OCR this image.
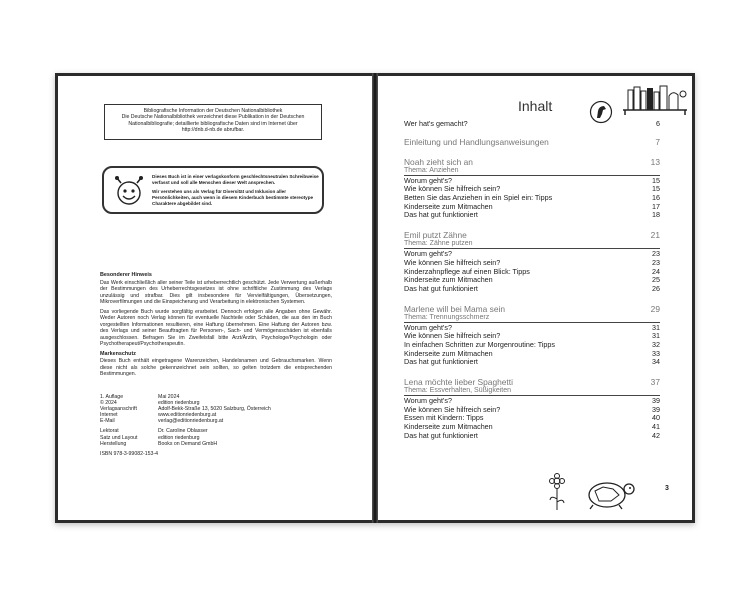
Bibliografische Information der Deutschen Nationalbibliothek
Die Deutsche Nationalbibliothek verzeichnet diese Publikation in der Deutschen
Nationalbibliografie; detaillierte bibliografische Daten sind im Internet über
http://dnb.d-nb.de abrufbar.

Dieses Buch ist in einer verlagskonform geschlechtsneutralen Schreibweise verfasst und soll alle Menschen dieser Welt ansprechen.

Wir verstehen uns als Verlag für Diversität und Inklusion aller Persönlichkeiten, auch wenn in diesem Kinderbuch bestimmte stereotype Charaktere abgebildet sind.

Besonderer Hinweis

Das Werk einschließlich aller seiner Teile ist urheberrechtlich geschützt. Jede Verwertung außerhalb der Bestimmungen des Urheberrechtsgesetzes ist ohne schriftliche Zustimmung des Verlags unzulässig und strafbar. Dies gilt insbesondere für Vervielfältigungen, Übersetzungen, Mikroverfilmungen und die Einspeicherung und Verarbeitung in elektronischen Systemen.

Das vorliegende Buch wurde sorgfältig erarbeitet. Dennoch erfolgen alle Angaben ohne Gewähr. Weder Autoren noch Verlag können für eventuelle Nachteile oder Schäden, die aus den im Buch vorgestellten Informationen resultieren, eine Haftung übernehmen. Eine Haftung der Autoren bzw. des Verlags und seiner Beauftragten für Personen-, Sach- und Vermögensschäden ist ebenfalls ausgeschlossen. Befragen Sie im Zweifelsfall bitte Arzt/Ärztin, Psychologe/Psychologin oder Psychotherapeut/Psychotherapeutin.

Markenschutz

Dieses Buch enthält eingetragene Warenzeichen, Handelsnamen und Gebrauchsmarken. Wenn diese nicht als solche gekennzeichnet sein sollten, so gelten trotzdem die entsprechenden Bestimmungen.

1. Auflage	Mai 2024
© 2024	edition riedenburg
Verlagsanschrift	Adolf-Bekk-Straße 13, 5020 Salzburg, Österreich
Internet	www.editionriedenburg.at
E-Mail	verlag@editionriedenburg.at
Lektorat	Dr. Caroline Oblasser
Satz und Layout	edition riedenburg
Herstellung	Books on Demand GmbH
ISBN 978-3-99082-153-4
Inhalt
Wer hat's gemacht?	6
Einleitung und Handlungsanweisungen	7
Noah zieht sich an	13
Thema: Anziehen
Worum geht's?	15
Wie können Sie hilfreich sein?	15
Betten Sie das Anziehen in ein Spiel ein: Tipps	16
Kinderseite zum Mitmachen	17
Das hat gut funktioniert	18
Emil putzt Zähne	21
Thema: Zähne putzen
Worum geht's?	23
Wie können Sie hilfreich sein?	23
Kinderzahnpflege auf einen Blick: Tipps	24
Kinderseite zum Mitmachen	25
Das hat gut funktioniert	26
Marlene will bei Mama sein	29
Thema: Trennungsschmerz
Worum geht's?	31
Wie können Sie hilfreich sein?	31
In einfachen Schritten zur Morgenroutine: Tipps	32
Kinderseite zum Mitmachen	33
Das hat gut funktioniert	34
Lena möchte lieber Spaghetti	37
Thema: Essverhalten, Süßigkeiten
Worum geht's?	39
Wie können Sie hilfreich sein?	39
Essen mit Kindern: Tipps	40
Kinderseite zum Mitmachen	41
Das hat gut funktioniert	42
3
